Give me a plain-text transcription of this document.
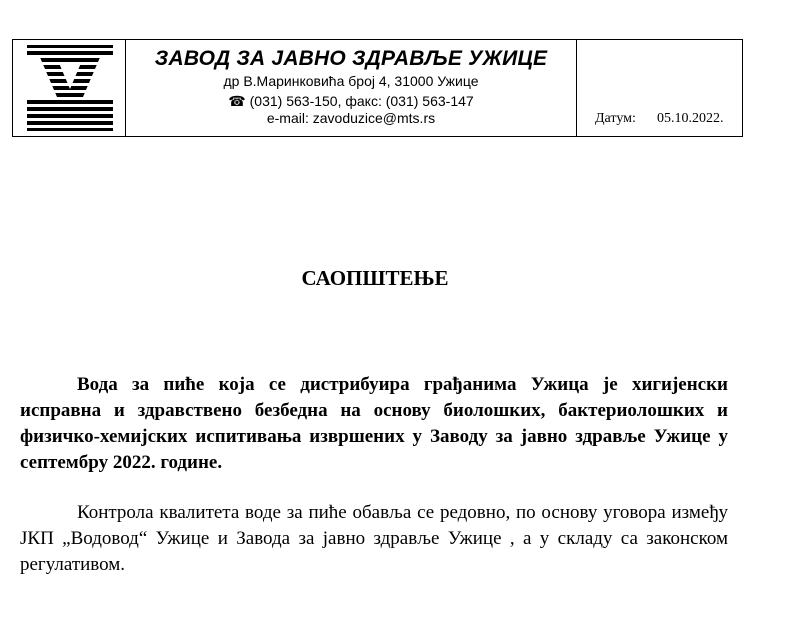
ЗАВОД ЗА ЈАВНО ЗДРАВЉЕ УЖИЦЕ
др В.Маринковића број 4, 31000 Ужице
☎ (031) 563-150, факс: (031) 563-147
e-mail: zavoduzice@mts.rs	Датум: 05.10.2022.
САОПШТЕЊЕ

Вода за пиће која се дистрибуира грађанима Ужица је хигијенски исправна и здравствено безбедна на основу биолошких, бактериолошких и физичко-хемијских испитивања извршених у Заводу за јавно здравље Ужице у септембру 2022. године.

Контрола квалитета воде за пиће обавља се редовно, по основу уговора између ЈКП „Водовод“ Ужице и Завода за јавно здравље Ужице , а у складу са законском регулативом.
